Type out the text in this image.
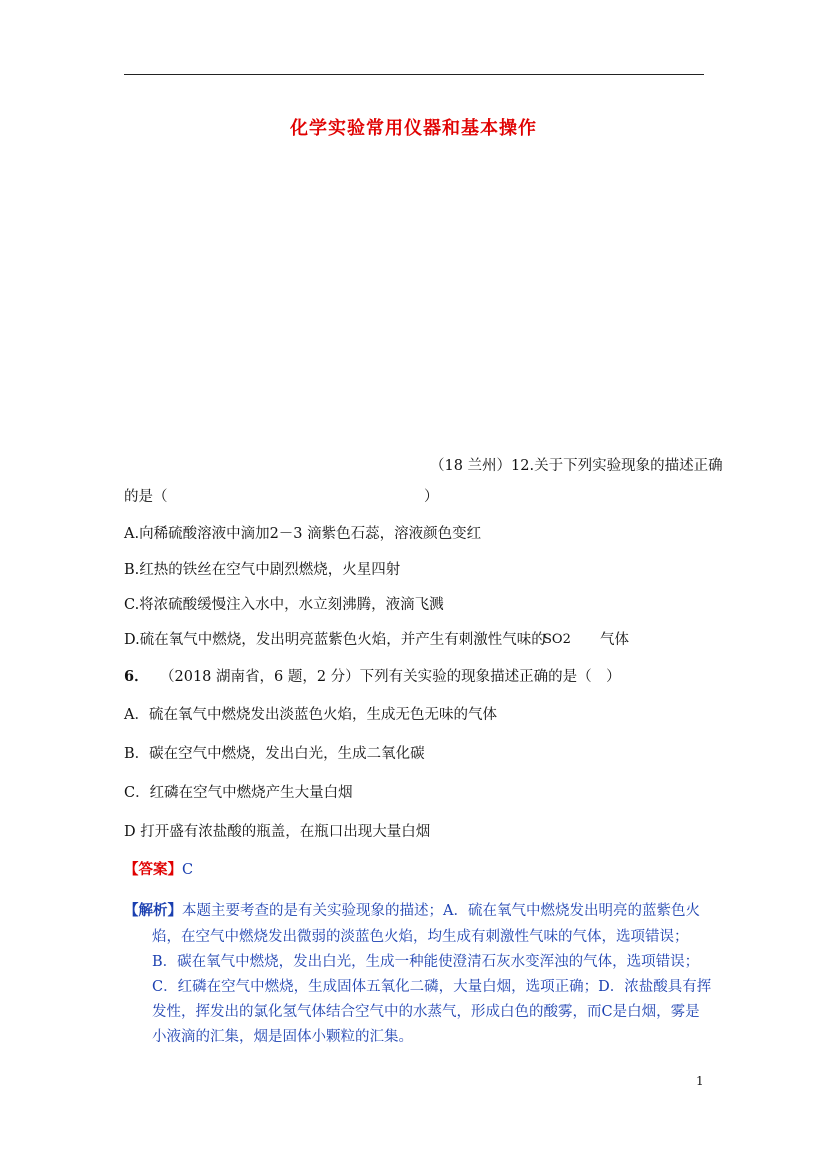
化学实验常用仪器和基本操作
（18 兰州）12.关于下列实验现象的描述正确
的是（	）
A.向稀硫酸溶液中滴加2－3 滴紫色石蕊，溶液颜色变红
B.红热的铁丝在空气中剧烈燃烧，火星四射
C.将浓硫酸缓慢注入水中，水立刻沸腾，液滴飞溅
D.硫在氧气中燃烧，发出明亮蓝紫色火焰，并产生有刺激性气味的
SO2 气体
6． （2018 湖南省，6 题，2 分）下列有关实验的现象描述正确的是（　）
A．硫在氧气中燃烧发出淡蓝色火焰，生成无色无味的气体
B．碳在空气中燃烧，发出白光，生成二氧化碳
C．红磷在空气中燃烧产生大量白烟
D 打开盛有浓盐酸的瓶盖，在瓶口出现大量白烟
【答案】C
【解析】本题主要考查的是有关实验现象的描述；A．硫在氧气中燃烧发出明亮的蓝紫色火
焰，在空气中燃烧发出微弱的淡蓝色火焰，均生成有刺激性气味的气体，选项错误；
B．碳在氧气中燃烧，发出白光，生成一种能使澄清石灰水变浑浊的气体，选项错误；
C．红磷在空气中燃烧，生成固体五氧化二磷，大量白烟，选项正确；D．浓盐酸具有挥
发性，挥发出的氯化氢气体结合空气中的水蒸气，形成白色的酸雾，而C是白烟，雾是
小液滴的汇集，烟是固体小颗粒的汇集。
1
